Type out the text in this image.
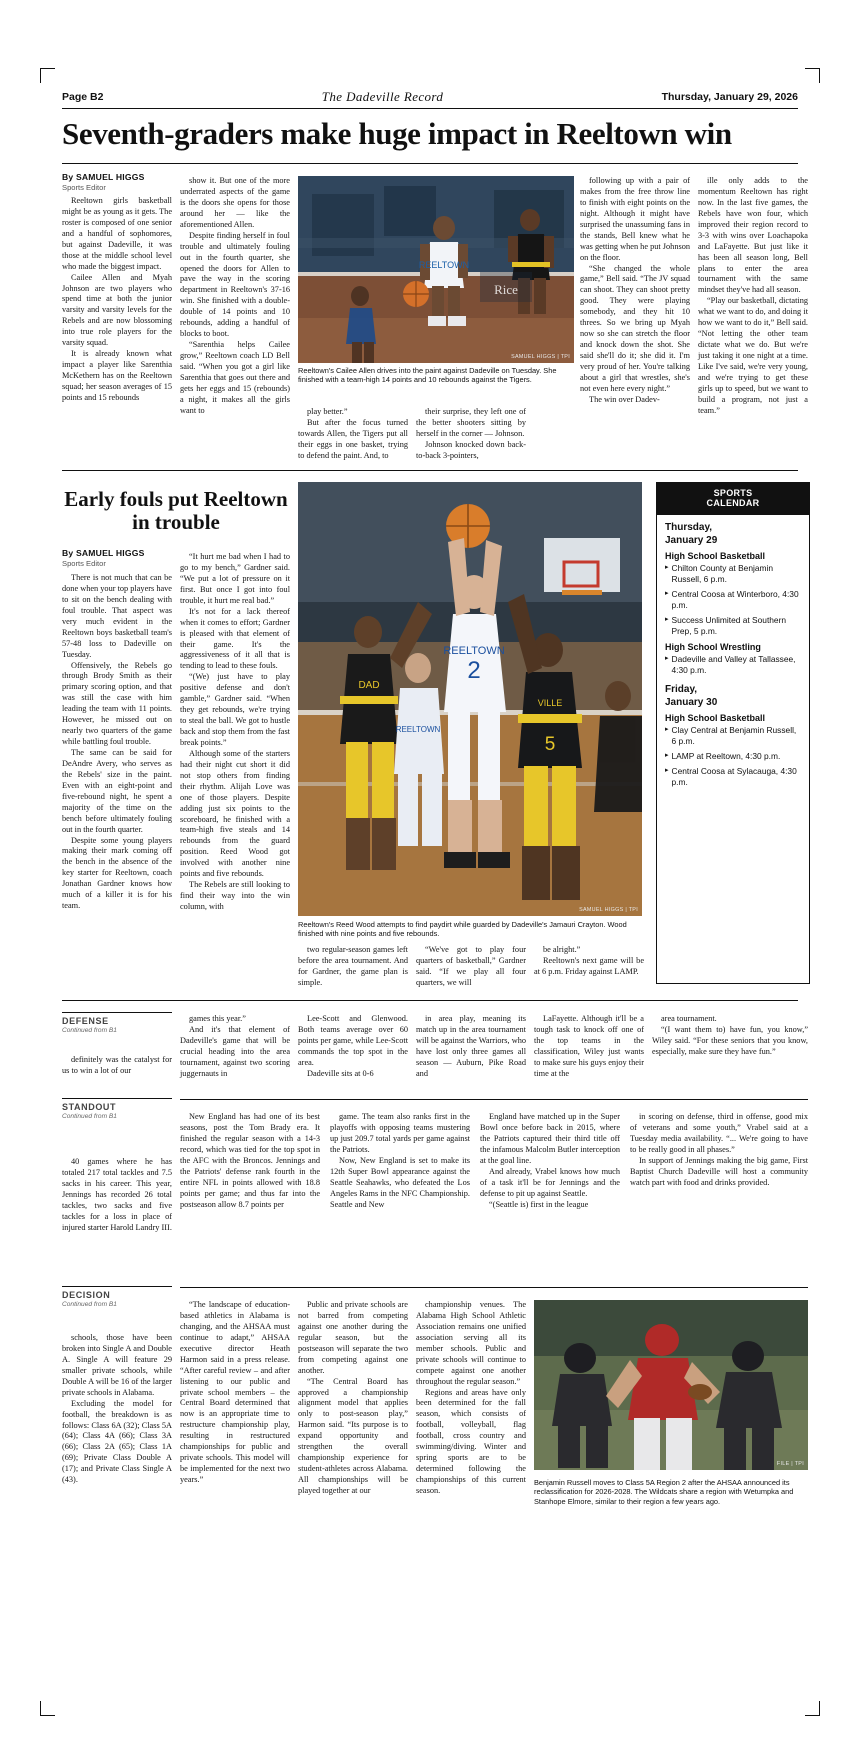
Page B2	The Dadeville Record	Thursday, January 29, 2026
Seventh-graders make huge impact in Reeltown win
By SAMUEL HIGGS
Sports Editor

Reeltown girls basketball might be as young as it gets. The roster is composed of one senior and a handful of sophomores, but against Dadeville, it was those at the middle school level who made the biggest impact.

Cailee Allen and Myah Johnson are two players who spend time at both the junior varsity and varsity levels for the Rebels and are now blossoming into true role players for the varsity squad.

It is already known what impact a player like Sarenthia McKethern has on the Reeltown squad; her season averages of 15 points and 15 rebounds

show it. But one of the more underrated aspects of the game is the doors she opens for those around her — like the aforementioned Allen.

Despite finding herself in foul trouble and ultimately fouling out in the fourth quarter, she opened the doors for Allen to pave the way in the scoring department in Reeltown's 37-16 win. She finished with a double-double of 14 points and 10 rebounds, adding a handful of blocks to boot.

“Sarenthia helps Cailee grow,” Reeltown coach LD Bell said. “When you got a girl like Sarenthia that goes out there and gets her eggs and 15 (rebounds) a night, it makes all the girls want to

REELTOWN
Rice
SAMUEL HIGGS | TPI
Reeltown's Cailee Allen drives into the paint against Dadeville on Tuesday. She finished with a team-high 14 points and 10 rebounds against the Tigers.

play better.”

But after the focus turned towards Allen, the Tigers put all their eggs in one basket, trying to defend the paint. And, to

their surprise, they left one of the better shooters sitting by herself in the corner — Johnson.

Johnson knocked down back-to-back 3-pointers,

following up with a pair of makes from the free throw line to finish with eight points on the night. Although it might have surprised the unassuming fans in the stands, Bell knew what he was getting when he put Johnson on the floor.

“She changed the whole game,” Bell said. “The JV squad can shoot. They can shoot pretty good. They were playing somebody, and they hit 10 threes. So we bring up Myah now so she can stretch the floor and knock down the shot. She said she'll do it; she did it. I'm very proud of her. You're talking about a girl that wrestles, she's not even here every night.”

The win over Dadev-

ille only adds to the momentum Reeltown has right now. In the last five games, the Rebels have won four, which improved their region record to 3-3 with wins over Loachapoka and LaFayette. But just like it has been all season long, Bell plans to enter the area tournament with the same mindset they've had all season.

“Play our basketball, dictating what we want to do, and doing it how we want to do it,” Bell said. “Not letting the other team dictate what we do. But we're just taking it one night at a time. Like I've said, we're very young, and we're trying to get these girls up to speed, but we want to build a program, not just a team.”

Early fouls put Reeltown in trouble
By SAMUEL HIGGS
Sports Editor

There is not much that can be done when your top players have to sit on the bench dealing with foul trouble. That aspect was very much evident in the Reeltown boys basketball team's 57-48 loss to Dadeville on Tuesday.

Offensively, the Rebels go through Brody Smith as their primary scoring option, and that was still the case with him leading the team with 11 points. However, he missed out on nearly two quarters of the game while battling foul trouble.

The same can be said for DeAndre Avery, who serves as the Rebels' size in the paint. Even with an eight-point and five-rebound night, he spent a majority of the time on the bench before ultimately fouling out in the fourth quarter.

Despite some young players making their mark coming off the bench in the absence of the key starter for Reeltown, coach Jonathan Gardner knows how much of a killer it is for his team.

“It hurt me bad when I had to go to my bench,” Gardner said. “We put a lot of pressure on it first. But once I got into foul trouble, it hurt me real bad.”

It's not for a lack thereof when it comes to effort; Gardner is pleased with that element of their game. It's the aggressiveness of it all that is tending to lead to these fouls.

“(We) just have to play positive defense and don't gamble,” Gardner said. “When they get rebounds, we're trying to steal the ball. We got to hustle back and stop them from the fast break points.”

Although some of the starters had their night cut short it did not stop others from finding their rhythm. Alijah Love was one of those players. Despite adding just six points to the scoreboard, he finished with a team-high five steals and 14 rebounds from the guard position. Reed Wood got involved with another nine points and five rebounds.

The Rebels are still looking to find their way into the win column, with

REELTOWN
2
DAD
REELTOWN
VILLE
5
SAMUEL HIGGS | TPI
Reeltown's Reed Wood attempts to find paydirt while guarded by Dadeville's Jamauri Crayton. Wood finished with nine points and five rebounds.

two regular-season games left before the area tournament. And for Gardner, the game plan is simple.

“We've got to play four quarters of basketball,” Gardner said. “If we play all four quarters, we will

be alright.”

Reeltown's next game will be at 6 p.m. Friday against LAMP.

SPORTS
CALENDAR
Thursday,
January 29
High School Basketball
▸ Chilton County at Benjamin Russell, 6 p.m.
▸ Central Coosa at Winterboro, 4:30 p.m.
▸ Success Unlimited at Southern Prep, 5 p.m.
High School Wrestling
▸ Dadeville and Valley at Tallassee, 4:30 p.m.
Friday,
January 30
High School Basketball
▸ Clay Central at Benjamin Russell, 6 p.m.
▸ LAMP at Reeltown, 4:30 p.m.
▸ Central Coosa at Sylacauga, 4:30 p.m.
DEFENSE
Continued from B1

definitely was the catalyst for us to win a lot of our

games this year.”

And it's that element of Dadeville's game that will be crucial heading into the area tournament, against two scoring juggernauts in

Lee-Scott and Glenwood. Both teams average over 60 points per game, while Lee-Scott commands the top spot in the area.

Dadeville sits at 0-6

in area play, meaning its match up in the area tournament will be against the Warriors, who have lost only three games all season — Auburn, Pike Road and

LaFayette. Although it'll be a tough task to knock off one of the top teams in the classification, Wiley just wants to make sure his guys enjoy their time at the

area tournament.

“(I want them to) have fun, you know,” Wiley said. “For these seniors that you know, especially, make sure they have fun.”

STANDOUT
Continued from B1

40 games where he has totaled 217 total tackles and 7.5 sacks in his career. This year, Jennings has recorded 26 total tackles, two sacks and five tackles for a loss in place of injured starter Harold Landry III.

New England has had one of its best seasons, post the Tom Brady era. It finished the regular season with a 14-3 record, which was tied for the top spot in the AFC with the Broncos. Jennings and the Patriots' defense rank fourth in the entire NFL in points allowed with 18.8 points per game; and thus far into the postseason allow 8.7 points per

game. The team also ranks first in the playoffs with opposing teams mustering up just 209.7 total yards per game against the Patriots.

Now, New England is set to make its 12th Super Bowl appearance against the Seattle Seahawks, who defeated the Los Angeles Rams in the NFC Championship. Seattle and New

England have matched up in the Super Bowl once before back in 2015, where the Patriots captured their third title off the infamous Malcolm Butler interception at the goal line.

And already, Vrabel knows how much of a task it'll be for Jennings and the defense to pit up against Seattle.

“(Seattle is) first in the league

in scoring on defense, third in offense, good mix of veterans and some youth,” Vrabel said at a Tuesday media availability. “... We're going to have to be really good in all phases.”

In support of Jennings making the big game, First Baptist Church Dadeville will host a community watch part with food and drinks provided.

DECISION
Continued from B1

schools, those have been broken into Single A and Double A. Single A will feature 29 smaller private schools, while Double A will be 16 of the larger private schools in Alabama.

Excluding the model for football, the breakdown is as follows: Class 6A (32); Class 5A (64); Class 4A (66); Class 3A (66); Class 2A (65); Class 1A (69); Private Class Double A (17); and Private Class Single A (43).

“The landscape of education-based athletics in Alabama is changing, and the AHSAA must continue to adapt,” AHSAA executive director Heath Harmon said in a press release. “After careful review – and after listening to our public and private school members – the Central Board determined that now is an appropriate time to restructure championship play, resulting in restructured championships for public and private schools. This model will be implemented for the next two years.”

Public and private schools are not barred from competing against one another during the regular season, but the postseason will separate the two from competing against one another.

“The Central Board has approved a championship alignment model that applies only to post-season play,” Harmon said. “Its purpose is to expand opportunity and strengthen the overall championship experience for student-athletes across Alabama. All championships will be played together at our

championship venues. The Alabama High School Athletic Association remains one unified association serving all its member schools. Public and private schools will continue to compete against one another throughout the regular season.”

Regions and areas have only been determined for the fall season, which consists of football, volleyball, flag football, cross country and swimming/diving. Winter and spring sports are to be determined following the championships of this current season.

FILE | TPI
Benjamin Russell moves to Class 5A Region 2 after the AHSAA announced its reclassification for 2026-2028. The Wildcats share a region with Wetumpka and Stanhope Elmore, similar to their region a few years ago.
